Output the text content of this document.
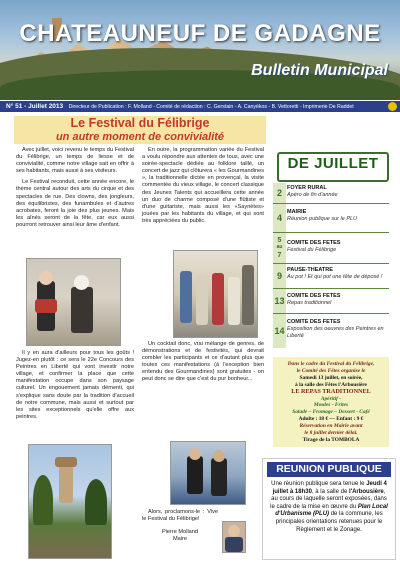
CHATEAUNEUF DE GADAGNE
Bulletin Municipal
N° 51 - Juillet 2013 Directeur de Publication : F. Molland - Comité de rédaction : C. Gerstain - A. Canyèkos - B. Vettoretti - Imprimerie De Raddet
Le Festival du Félibrige
un autre moment de convivialité

Avec juillet, voici revenu le temps du Festival du Félibrige, un temps de liesse et de convivialité, comme notre village sait en offrir à ses habitants, mais aussi à ses visiteurs.

Le Festival reconduit, cette année encore, le thème central autour des arts du cirque et des spectacles de rue. Des clowns, des jongleurs, des équilibristes, des funambules et d'autres acrobates, feront la joie des plus jeunes. Mais les aînés seront de la fête, car eux aussi pourront retrouver ainsi leur âme d'enfant.

Il y en aura d'ailleurs pour tous les goûts ! Jugez-en plutôt : ce sera le 22e Concours des Peintres en Liberté qui vont investir notre village, et confirmer la place que cette manifestation occupe dans son paysage culturel. Un engouement jamais démenti, qui s'explique sans doute par la tradition d'accueil de notre commune, mais aussi et surtout par les sites exceptionnels qu'elle offre aux peintres.

En outre, la programmation variée du Festival a voulu répondre aux attentes de tous, avec une soirée-spectacle dédiée au folklore taillé, un concert de jazz qui clôturera « les Gourmandines », la traditionnelle dictée en provençal, la visite commentée du vieux village, le concert classique des Jeunes Talents qui accueillera cette année un duo de charme composé d'une flûtiste et d'une guitariste, mais aussi les «Saynètes» jouées par les habitants du village, et qui sont très appréciées du public.

Un cocktail donc, vrai mélange de genres, de démonstrations et de festivités, qui devrait combler les participants et ce d'autant plus que toutes ces manifestations (à l'exception bien entendu des Gourmandines) sont gratuites - on peut donc se dire que c'est du pur bonheur...

Alors, proclamons-le : Vive le Festival du Félibrige!

Pierre Molland

Maire

DE JUILLET
2 FOYER RURAL
Apéro de fin d'année
4
MAIRIE
Réunion publique sur le PLU
5
au
7
COMITE DES FETES
Festival du Félibrige
9
PAUSE-THEATRE
Au pot ! Et qui pot une tête de déposé !
13 COMITE DES FETES
Repas traditionnel
14
COMITE DES FETES
Exposition des oeuvres des Peintres en Liberté
Dans le cadre du Festival du Félibrige,
le Comité des Fêtes organise le
Samedi 13 juillet, en soirée,
à la salle des Fêtes l'Arbousière
LE REPAS TRADITIONNEL
Apéritif -
Moules - Frites
Salade – Fromage – Dessert - Café
Adulte : 18 € — Enfant : 9 €
Réservation en Mairie avant
le 8 juillet dernier délai.
Tirage de la TOMBOLA
REUNION PUBLIQUE
Une réunion publique sera tenue le Jeudi 4 juillet à 18h30, à la salle de l'Arbousière, au cours de laquelle seront exposées, dans le cadre de la mise en œuvre du Plan Local d'Urbanisme (PLU) de la commune, les principales orientations retenues pour le Règlement et le Zonage.
